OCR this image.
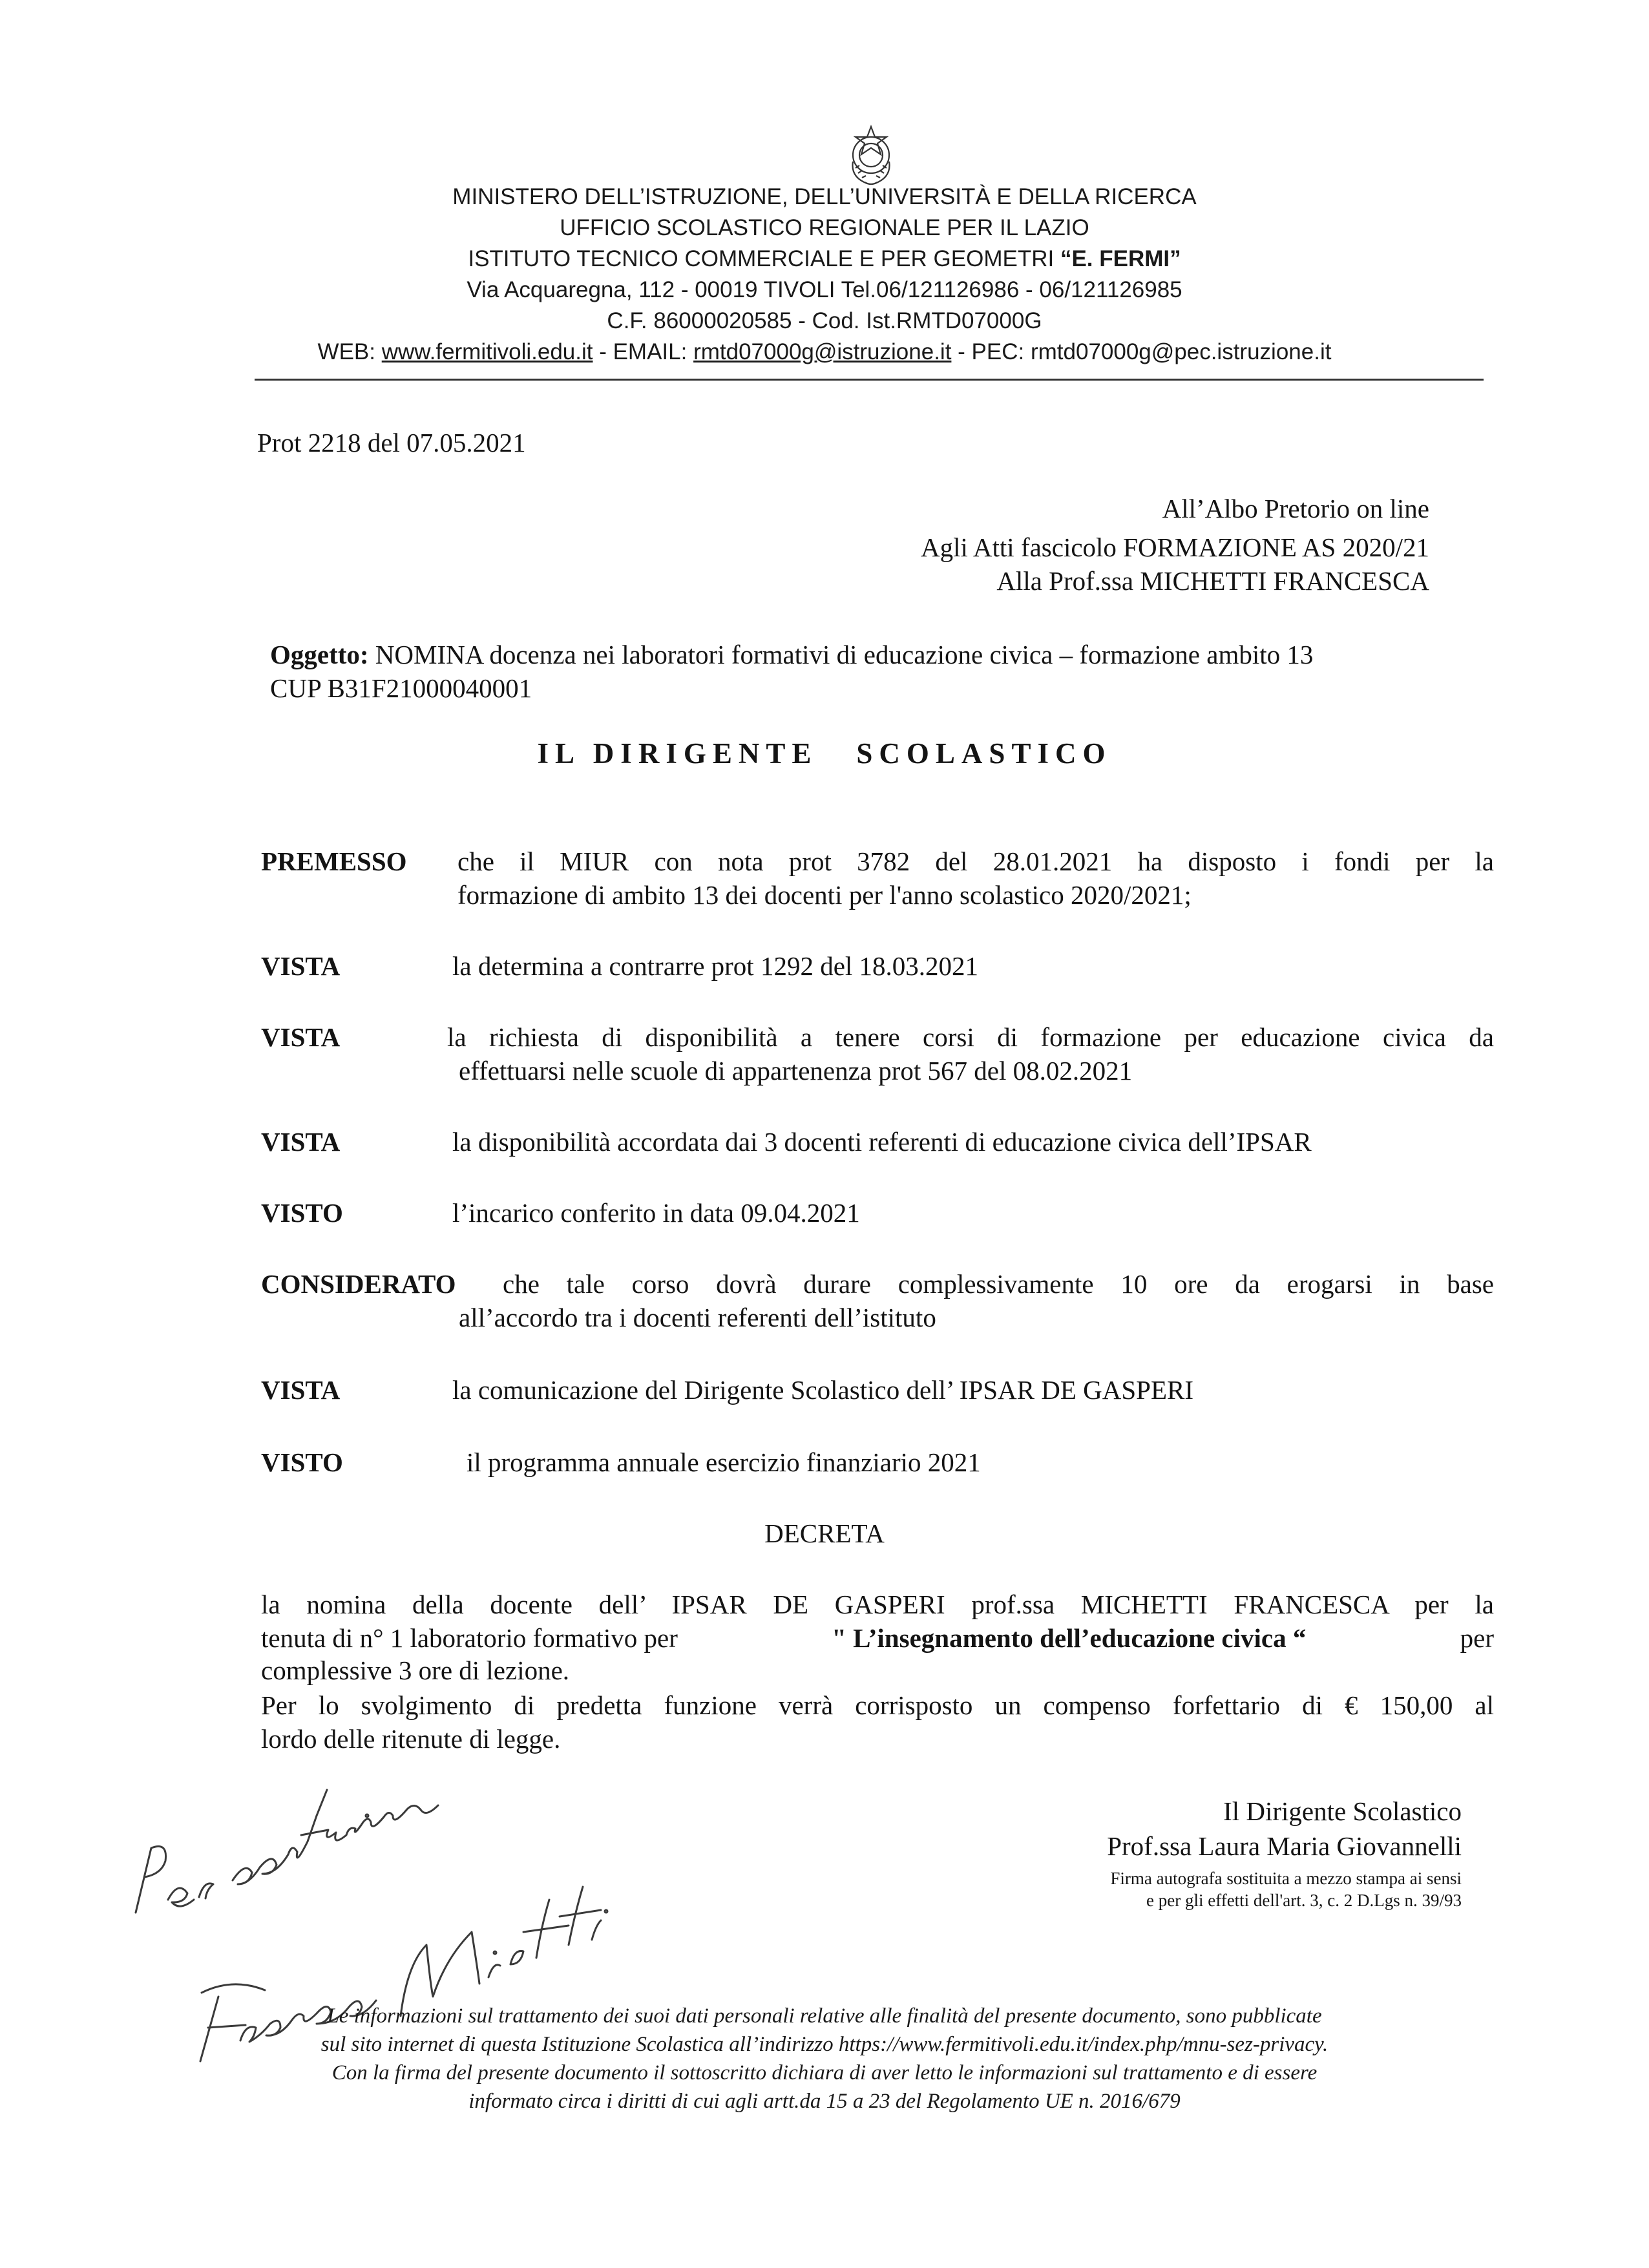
MINISTERO DELL’ISTRUZIONE, DELL’UNIVERSITÀ E DELLA RICERCA
UFFICIO SCOLASTICO REGIONALE PER IL LAZIO
ISTITUTO TECNICO COMMERCIALE E PER GEOMETRI “E. FERMI”
Via Acquaregna, 112 - 00019 TIVOLI Tel.06/121126986 - 06/121126985
C.F. 86000020585 - Cod. Ist.RMTD07000G
WEB: www.fermitivoli.edu.it - EMAIL: rmtd07000g@istruzione.it - PEC: rmtd07000g@pec.istruzione.it
Prot 2218 del 07.05.2021
All’Albo Pretorio on line
Agli Atti fascicolo FORMAZIONE AS 2020/21
Alla Prof.ssa MICHETTI FRANCESCA
Oggetto: NOMINA docenza nei laboratori formativi di educazione civica – formazione ambito 13
CUP B31F21000040001
IL DIRIGENTE SCOLASTICO
PREMESSO che il MIUR con nota prot 3782 del 28.01.2021 ha disposto i fondi per la
formazione di ambito 13 dei docenti per l'anno scolastico 2020/2021;
VISTA	la determina a contrarre prot 1292 del 18.03.2021
VISTA	la richiesta di disponibilità a tenere corsi di formazione per educazione civica da
effettuarsi nelle scuole di appartenenza prot 567 del 08.02.2021
VISTA	la disponibilità accordata dai 3 docenti referenti di educazione civica dell’IPSAR
VISTO	l’incarico conferito in data 09.04.2021
CONSIDERATO che tale corso dovrà durare complessivamente 10 ore da erogarsi in base
all’accordo tra i docenti referenti dell’istituto
VISTA	la comunicazione del Dirigente Scolastico dell’ IPSAR DE GASPERI
VISTO	il programma annuale esercizio finanziario 2021
DECRETA
la nomina della docente dell’ IPSAR DE GASPERI prof.ssa MICHETTI FRANCESCA per la
tenuta di n° 1 laboratorio formativo per	" L’insegnamento dell’educazione civica “	per
complessive 3 ore di lezione.
Per lo svolgimento di predetta funzione verrà corrisposto un compenso forfettario di € 150,00 al
lordo delle ritenute di legge.
Il Dirigente Scolastico
Prof.ssa Laura Maria Giovannelli
Firma autografa sostituita a mezzo stampa ai sensi
e per gli effetti dell'art. 3, c. 2 D.Lgs n. 39/93
Le informazioni sul trattamento dei suoi dati personali relative alle finalità del presente documento, sono pubblicate
sul sito internet di questa Istituzione Scolastica all’indirizzo https://www.fermitivoli.edu.it/index.php/mnu-sez-privacy.
Con la firma del presente documento il sottoscritto dichiara di aver letto le informazioni sul trattamento e di essere
informato circa i diritti di cui agli artt.da 15 a 23 del Regolamento UE n. 2016/679
